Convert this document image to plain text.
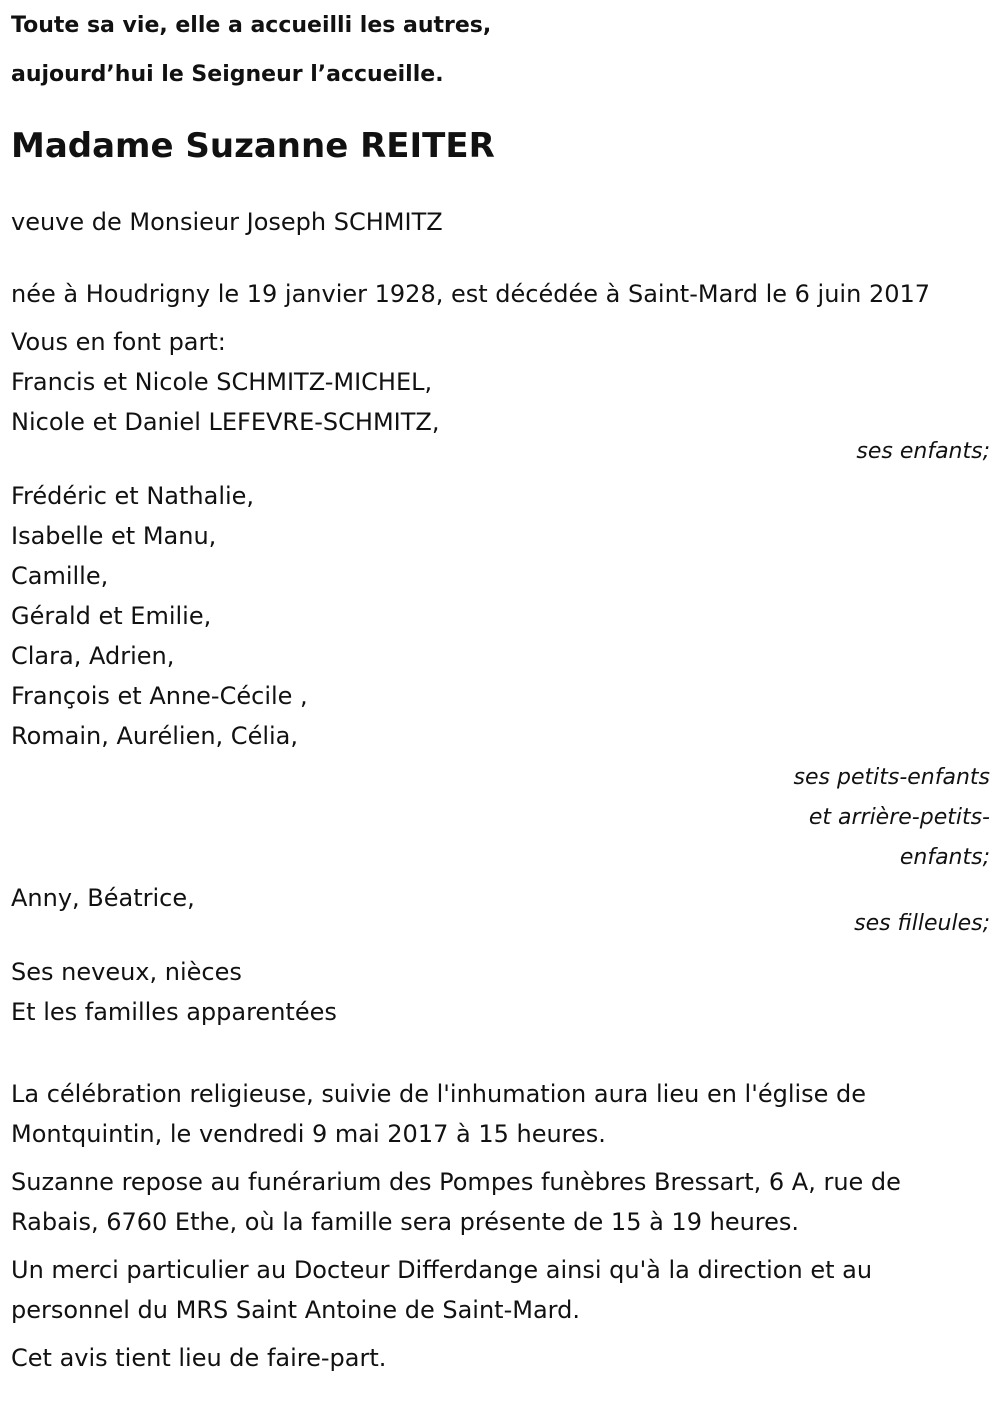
Toute sa vie, elle a accueilli les autres,

aujourd’hui le Seigneur l’accueille.

Madame Suzanne REITER

veuve de Monsieur Joseph SCHMITZ

née à Houdrigny le 19 janvier 1928, est décédée à Saint-Mard le 6 juin 2017

Vous en font part:

Francis et Nicole SCHMITZ-MICHEL,

Nicole et Daniel LEFEVRE-SCHMITZ,

ses enfants;

Frédéric et Nathalie,

Isabelle et Manu,

Camille,

Gérald et Emilie,

Clara, Adrien,

François et Anne-Cécile ,

Romain, Aurélien, Célia,

ses petits-enfants
et arrière-petits-
enfants;

Anny, Béatrice,

ses filleules;

Ses neveux, nièces

Et les familles apparentées

La célébration religieuse, suivie de l'inhumation aura lieu en l'église de Montquintin, le vendredi 9 mai 2017 à 15 heures.

Suzanne repose au funérarium des Pompes funèbres Bressart, 6 A, rue de Rabais, 6760 Ethe, où la famille sera présente de 15 à 19 heures.

Un merci particulier au Docteur Differdange ainsi qu'à la direction et au personnel du MRS Saint Antoine de Saint-Mard.

Cet avis tient lieu de faire-part.
